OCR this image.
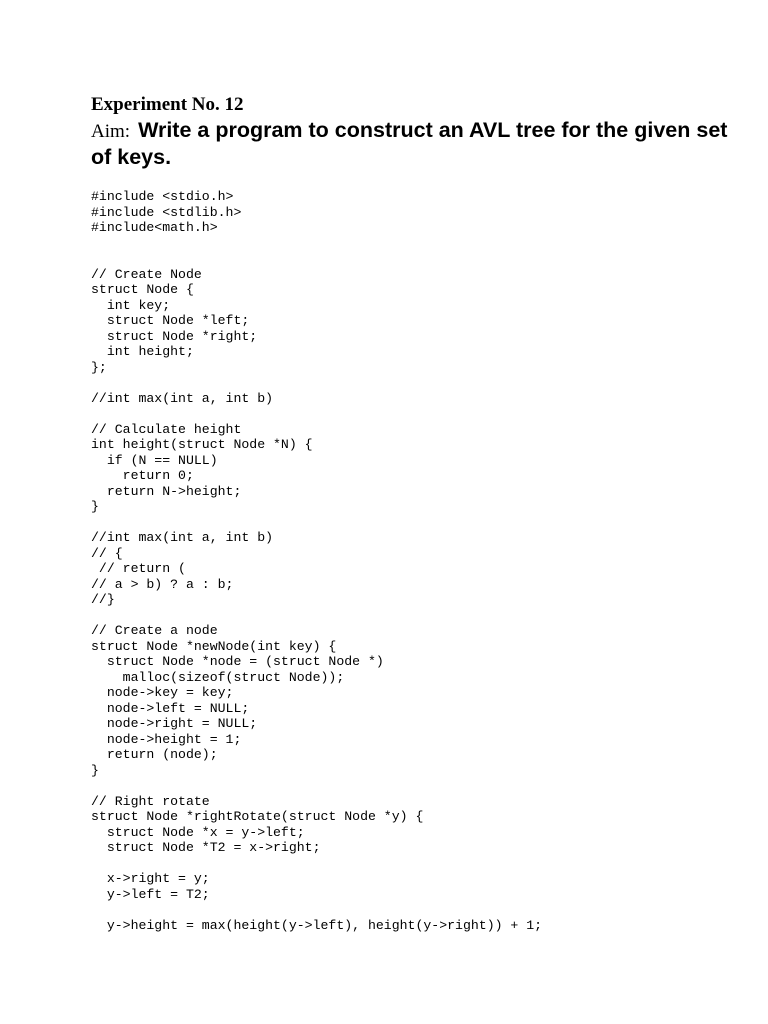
Experiment No. 12
Aim: Write a program to construct an AVL tree for the given set of keys.
#include <stdio.h>
#include <stdlib.h>
#include<math.h>
// Create Node
struct Node {
int key;
struct Node *left;
struct Node *right;
int height;
};
//int max(int a, int b)
// Calculate height
int height(struct Node *N) {
if (N == NULL)
return 0;
return N->height;
}
//int max(int a, int b)
// {
// return (
// a > b) ? a : b;
//}
// Create a node
struct Node *newNode(int key) {
struct Node *node = (struct Node *)
malloc(sizeof(struct Node));
node->key = key;
node->left = NULL;
node->right = NULL;
node->height = 1;
return (node);
}
// Right rotate
struct Node *rightRotate(struct Node *y) {
struct Node *x = y->left;
struct Node *T2 = x->right;
x->right = y;
y->left = T2;
y->height = max(height(y->left), height(y->right)) + 1;
